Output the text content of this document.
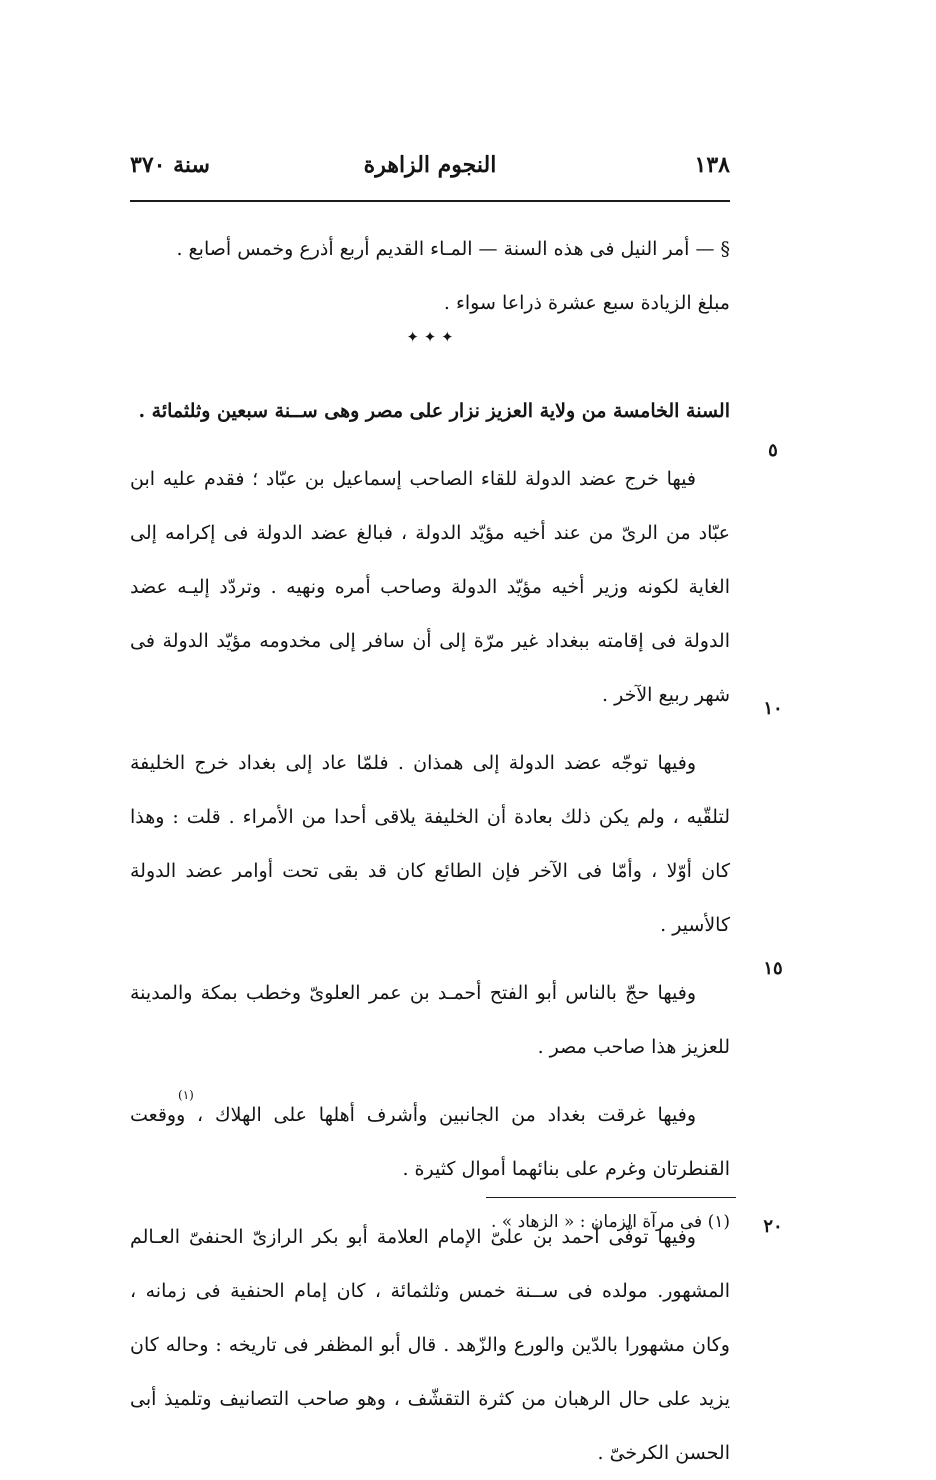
١٣٨
النجوم الزاهرة
سنة ٣٧٠
✦ ✦ ✦

§ — أمر النيل فى هذه السنة — المـاء القديم أربع أذرع وخمس أصابع .

مبلغ الزيادة سبع عشرة ذراعا سواء .

السنة الخامسة من ولاية العزيز نزار على مصر وهى ســنة سبعين وثلثمائة .

فيها خرج عضد الدولة للقاء الصاحب إسماعيل بن عبّاد ؛ فقدم عليه ابن عبّاد من الرىّ من عند أخيه مؤيّد الدولة ، فبالغ عضد الدولة فى إكرامه إلى الغاية لكونه وزير أخيه مؤيّد الدولة وصاحب أمره ونهيه . وتردّد إليـه عضد الدولة فى إقامته ببغداد غير مرّة إلى أن سافر إلى مخدومه مؤيّد الدولة فى شهر ربيع الآخر .

وفيها توجّه عضد الدولة إلى همذان . فلمّا عاد إلى بغداد خرج الخليفة لتلقّيه ، ولم يكن ذلك بعادة أن الخليفة يلاقى أحدا من الأمراء . قلت : وهذا كان أوّلا ، وأمّا فى الآخر فإن الطائع كان قد بقى تحت أوامر عضد الدولة كالأسير .

وفيها حجّ بالناس أبو الفتح أحمـد بن عمر العلوىّ وخطب بمكة والمدينة للعزيز هذا صاحب مصر .

وفيها غرقت بغداد من الجانبين وأشرف أهلها على الهلاك ، ووقعت القنطرتان وغرم على بنائهما أموال كثيرة .

وفيها توفّى أحمد بن علىّ الإمام العلامة أبو بكر الرازىّ الحنفىّ العـالم المشهور. مولده فى ســنة خمس وثلثمائة ، كان إمام الحنفية فى زمانه ، وكان مشهورا بالدّين والورع والزّهد . قال أبو المظفر فى تاريخه : وحاله كان يزيد على حال الرهبان من كثرة التقشّف ، وهو صاحب التصانيف وتلميذ أبى الحسن الكرخىّ .

(١)
٥
١٠
١٥
٢٠
(١) فى مرآة الزمان : « الزهاد » .
